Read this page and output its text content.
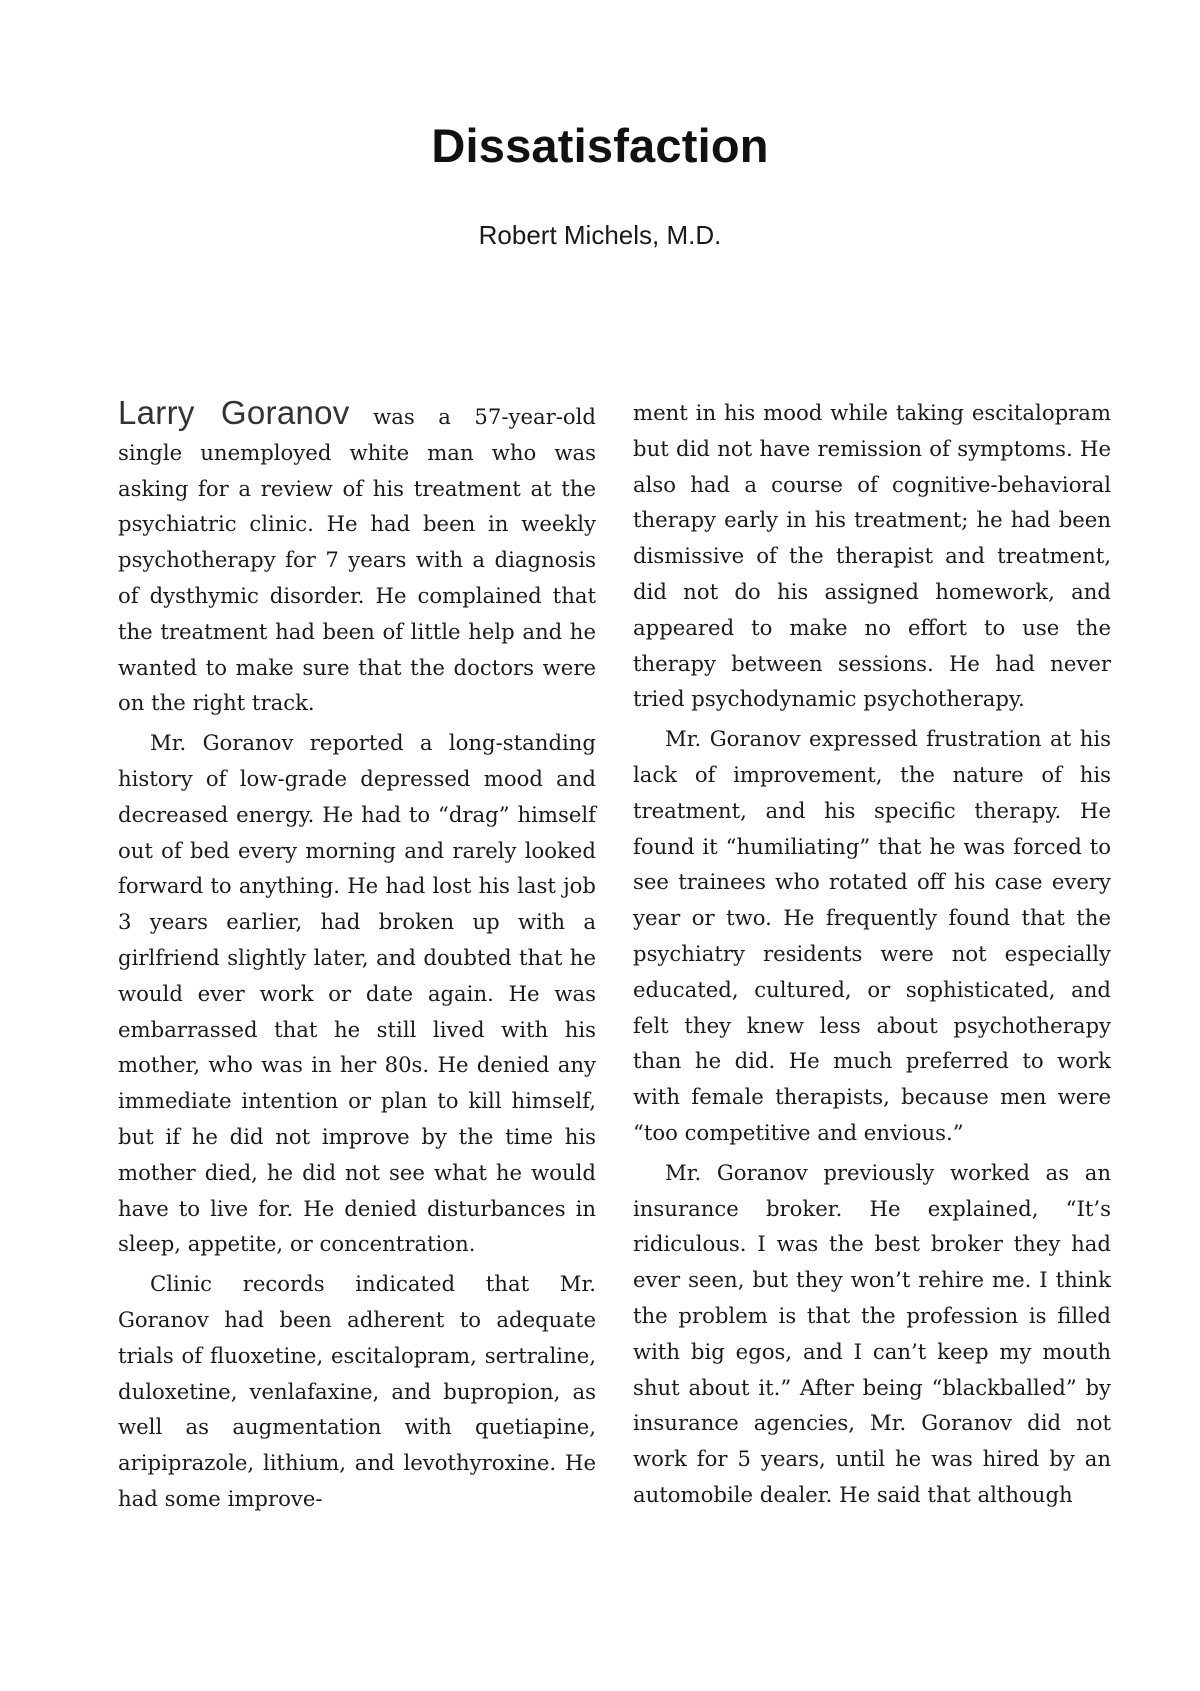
Dissatisfaction
Robert Michels, M.D.

Larry Goranov was a 57-year-old single unemployed white man who was asking for a review of his treatment at the psychiatric clinic. He had been in weekly psychotherapy for 7 years with a diagnosis of dysthymic disorder. He complained that the treatment had been of little help and he wanted to make sure that the doctors were on the right track.

Mr. Goranov reported a long-standing history of low-grade depressed mood and decreased energy. He had to “drag” himself out of bed every morning and rarely looked forward to anything. He had lost his last job 3 years earlier, had broken up with a girlfriend slightly later, and doubted that he would ever work or date again. He was embarrassed that he still lived with his mother, who was in her 80s. He denied any immediate intention or plan to kill himself, but if he did not improve by the time his mother died, he did not see what he would have to live for. He denied disturbances in sleep, appetite, or concentration.

Clinic records indicated that Mr. Goranov had been adherent to adequate trials of fluoxetine, escitalopram, sertraline, duloxetine, venlafaxine, and bupropion, as well as augmentation with quetiapine, aripiprazole, lithium, and levothyroxine. He had some improve-

ment in his mood while taking escitalopram but did not have remission of symptoms. He also had a course of cognitive-behavioral therapy early in his treatment; he had been dismissive of the therapist and treatment, did not do his assigned homework, and appeared to make no effort to use the therapy between sessions. He had never tried psychodynamic psychotherapy.

Mr. Goranov expressed frustration at his lack of improvement, the nature of his treatment, and his specific therapy. He found it “humiliating” that he was forced to see trainees who rotated off his case every year or two. He frequently found that the psychiatry residents were not especially educated, cultured, or sophisticated, and felt they knew less about psychotherapy than he did. He much preferred to work with female therapists, because men were “too competitive and envious.”

Mr. Goranov previously worked as an insurance broker. He explained, “It’s ridiculous. I was the best broker they had ever seen, but they won’t rehire me. I think the problem is that the profession is filled with big egos, and I can’t keep my mouth shut about it.” After being “blackballed” by insurance agencies, Mr. Goranov did not work for 5 years, until he was hired by an automobile dealer. He said that although
